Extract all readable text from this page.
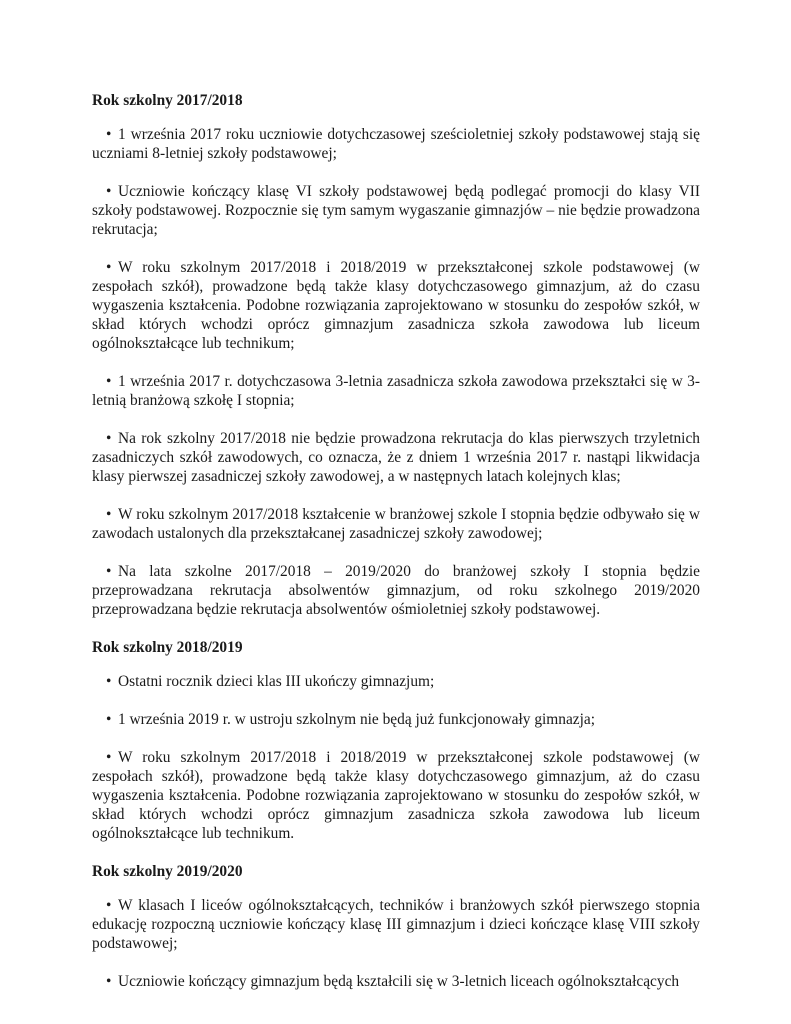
Rok szkolny 2017/2018
• 1 września 2017 roku uczniowie dotychczasowej sześcioletniej szkoły podstawowej stają się uczniami 8-letniej szkoły podstawowej;
• Uczniowie kończący klasę VI szkoły podstawowej będą podlegać promocji do klasy VII szkoły podstawowej. Rozpocznie się tym samym wygaszanie gimnazjów – nie będzie prowadzona rekrutacja;
• W roku szkolnym 2017/2018 i 2018/2019 w przekształconej szkole podstawowej (w zespołach szkół), prowadzone będą także klasy dotychczasowego gimnazjum, aż do czasu wygaszenia kształcenia. Podobne rozwiązania zaprojektowano w stosunku do zespołów szkół, w skład których wchodzi oprócz gimnazjum zasadnicza szkoła zawodowa lub liceum ogólnokształcące lub technikum;
• 1 września 2017 r. dotychczasowa 3-letnia zasadnicza szkoła zawodowa przekształci się w 3-letnią branżową szkołę I stopnia;
• Na rok szkolny 2017/2018 nie będzie prowadzona rekrutacja do klas pierwszych trzyletnich zasadniczych szkół zawodowych, co oznacza, że z dniem 1 września 2017 r. nastąpi likwidacja klasy pierwszej zasadniczej szkoły zawodowej, a w następnych latach kolejnych klas;
• W roku szkolnym 2017/2018 kształcenie w branżowej szkole I stopnia będzie odbywało się w zawodach ustalonych dla przekształcanej zasadniczej szkoły zawodowej;
• Na lata szkolne 2017/2018 – 2019/2020 do branżowej szkoły I stopnia będzie przeprowadzana rekrutacja absolwentów gimnazjum, od roku szkolnego 2019/2020 przeprowadzana będzie rekrutacja absolwentów ośmioletniej szkoły podstawowej.
Rok szkolny 2018/2019
• Ostatni rocznik dzieci klas III ukończy gimnazjum;
• 1 września 2019 r. w ustroju szkolnym nie będą już funkcjonowały gimnazja;
• W roku szkolnym 2017/2018 i 2018/2019 w przekształconej szkole podstawowej (w zespołach szkół), prowadzone będą także klasy dotychczasowego gimnazjum, aż do czasu wygaszenia kształcenia. Podobne rozwiązania zaprojektowano w stosunku do zespołów szkół, w skład których wchodzi oprócz gimnazjum zasadnicza szkoła zawodowa lub liceum ogólnokształcące lub technikum.
Rok szkolny 2019/2020
• W klasach I liceów ogólnokształcących, techników i branżowych szkół pierwszego stopnia edukację rozpoczną uczniowie kończący klasę III gimnazjum i dzieci kończące klasę VIII szkoły podstawowej;
• Uczniowie kończący gimnazjum będą kształcili się w 3-letnich liceach ogólnokształcących
